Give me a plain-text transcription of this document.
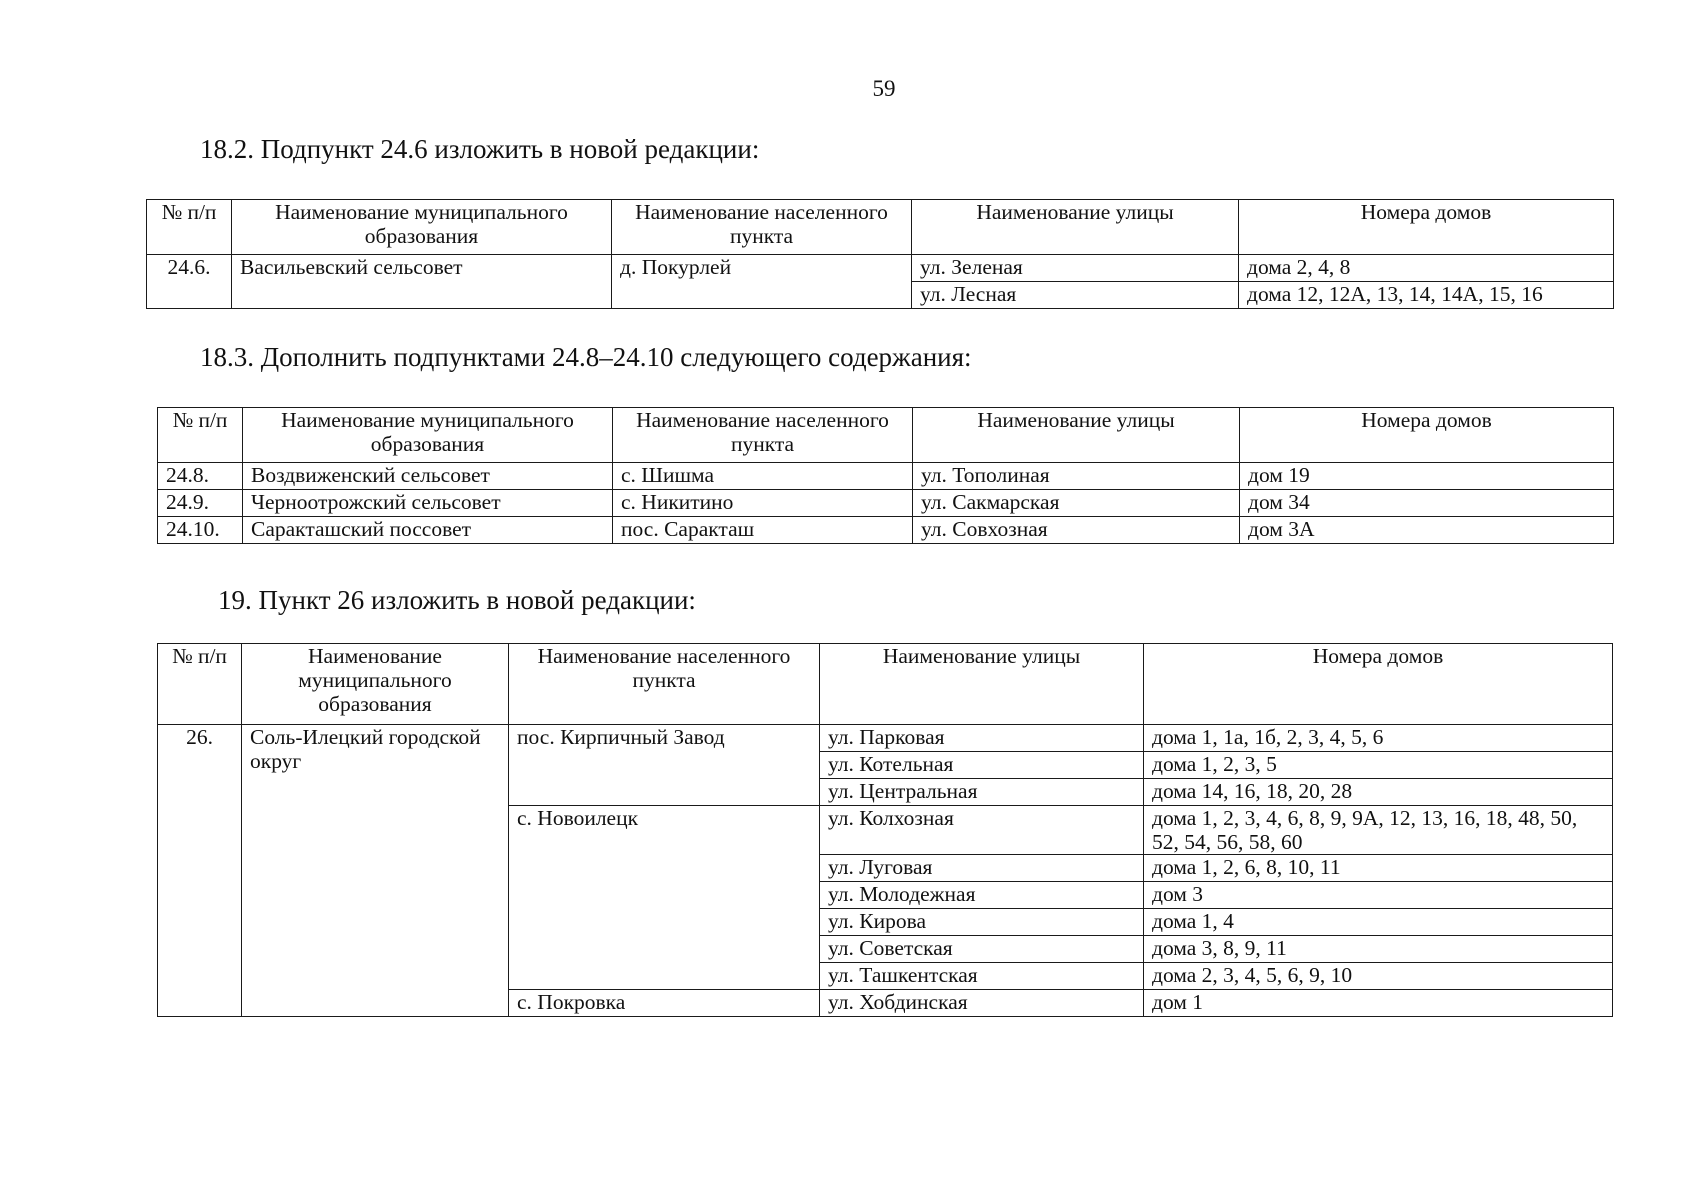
59
18.2. Подпункт 24.6 изложить в новой редакции:
№ п/п	Наименование муниципального образования	Наименование населенного пункта	Наименование улицы	Номера домов
24.6.	Васильевский сельсовет	д. Покурлей	ул. Зеленая	дома 2, 4, 8
			ул. Лесная	дома 12, 12А, 13, 14, 14А, 15, 16
18.3. Дополнить подпунктами 24.8–24.10 следующего содержания:
№ п/п	Наименование муниципального образования	Наименование населенного пункта	Наименование улицы	Номера домов
24.8.	Воздвиженский сельсовет	с. Шишма	ул. Тополиная	дом 19
24.9.	Черноотрожский сельсовет	с. Никитино	ул. Сакмарская	дом 34
24.10.	Саракташский поссовет	пос. Саракташ	ул. Совхозная	дом 3А
19. Пункт 26 изложить в новой редакции:
№ п/п	Наименование муниципального образования	Наименование населенного пункта	Наименование улицы	Номера домов
26.	Соль-Илецкий городской округ	пос. Кирпичный Завод	ул. Парковая	дома 1, 1а, 1б, 2, 3, 4, 5, 6
			ул. Котельная	дома 1, 2, 3, 5
			ул. Центральная	дома 14, 16, 18, 20, 28
		с. Новоилецк	ул. Колхозная	дома 1, 2, 3, 4, 6, 8, 9, 9А, 12, 13, 16, 18, 48, 50, 52, 54, 56, 58, 60
			ул. Луговая	дома 1, 2, 6, 8, 10, 11
			ул. Молодежная	дом 3
			ул. Кирова	дома 1, 4
			ул. Советская	дома 3, 8, 9, 11
			ул. Ташкентская	дома 2, 3, 4, 5, 6, 9, 10
		с. Покровка	ул. Хобдинская	дом 1
